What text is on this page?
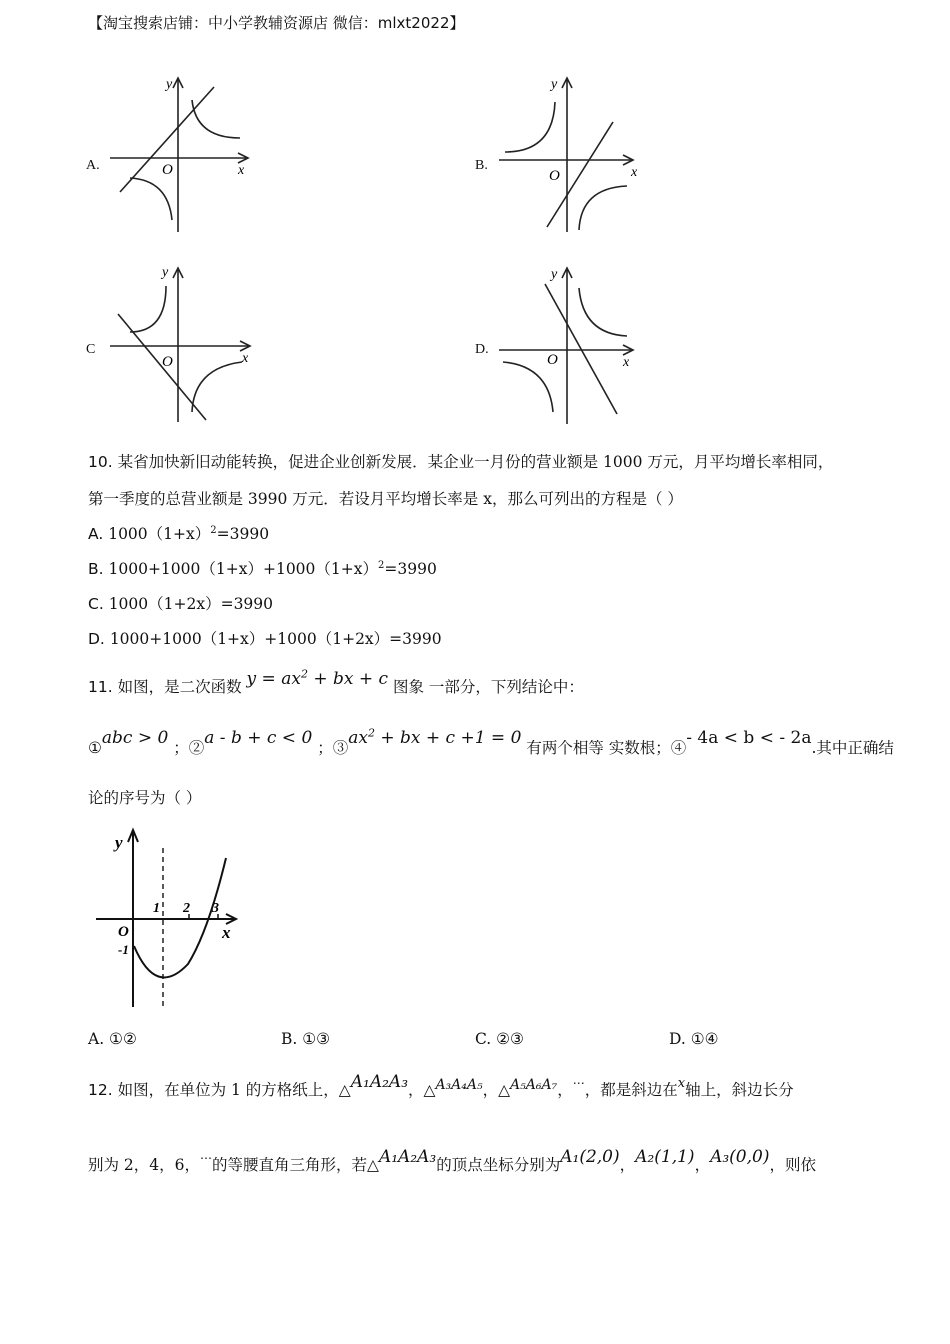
【淘宝搜索店铺：中小学教辅资源店 微信：mlxt2022】
A.
y
x
O	B.
y
x
O
C
y
x
O
D.
y
x
O
10. 某省加快新旧动能转换，促进企业创新发展．某企业一月份的营业额是 1000 万元，月平均增长率相同，
第一季度的总营业额是 3990 万元．若设月平均增长率是 x，那么可列出的方程是（ ）
A. $1000(1+x)^2=3990$
B. $1000+1000(1+x)+1000(1+x)^2=3990$
C. 1000（1+2x）=3990
D. 1000+1000（1+x）+1000（1+2x）=3990
11. 如图，是二次函数 $y = ax^2$ + bx + c 图象 一部分，下列结论中：
①abc > 0 ；②a - b + c < 0 ；$③ax^2$ + bx + c +1 = 0 有两个相等 实数根；④- 4a < b < - 2a.其中正确结
论的序号为（ ）
y
x
O
1 2 3
-1
A. ①②	B. ①③	C. ②③	D. ①④
12. 如图，在单位为 1 的方格纸上，△A₁A₂A₃，△A₃A₄A₅，△A₅A₆A₇，⋯，都是斜边在$^x$轴上，斜边长分
别为 2，4，6，⋯的等腰直角三角形，若△A₁A₂A₃的顶点坐标分别为A₁(2,0)，A₂(1,1)，A₃(0,0)，则依
